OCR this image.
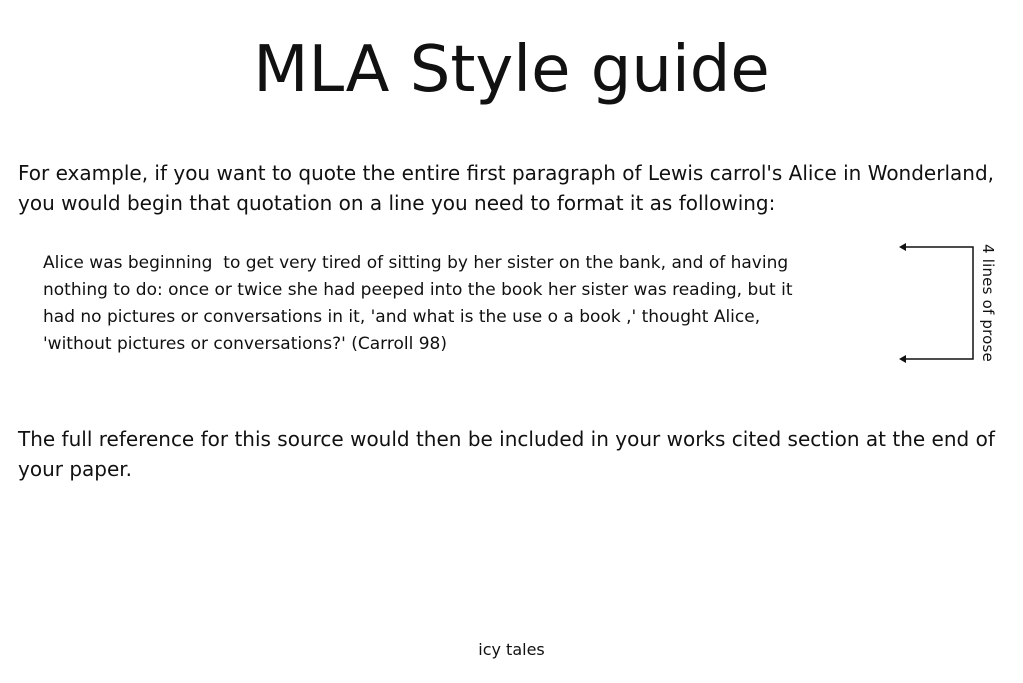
MLA Style guide

For example, if you want to quote the entire first paragraph of Lewis carrol's Alice in Wonderland, you would begin that quotation on a line you need to format it as following:

Alice was beginning  to get very tired of sitting by her sister on the bank, and of having
nothing to do: once or twice she had peeped into the book her sister was reading, but it
had no pictures or conversations in it, 'and what is the use o a book ,' thought Alice,
'without pictures or conversations?' (Carroll 98)	4 lines of prose

The full reference for this source would then be included in your works cited section at the end of your paper.

icy tales
